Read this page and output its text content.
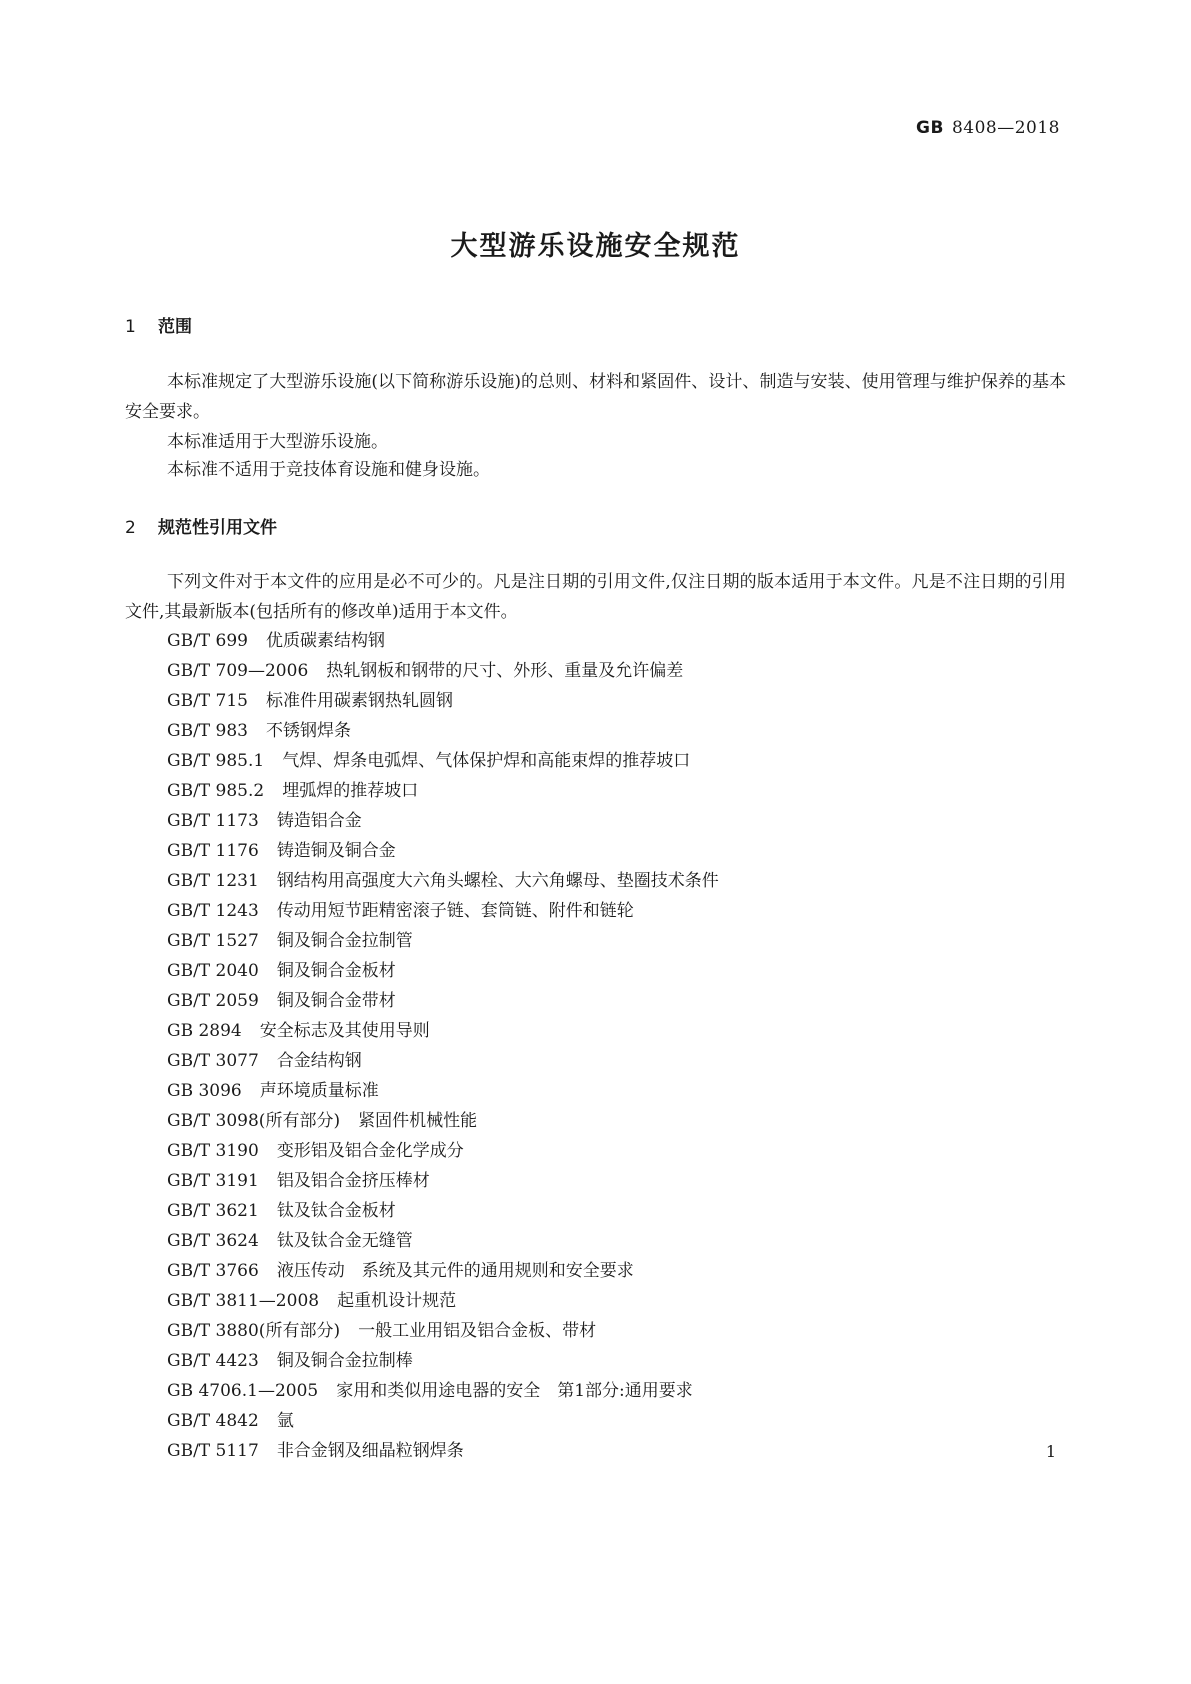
GB 8408—2018
大型游乐设施安全规范
1 范围
本标准规定了大型游乐设施(以下简称游乐设施)的总则、材料和紧固件、设计、制造与安装、使用管理与维护保养的基本安全要求。
本标准适用于大型游乐设施。
本标准不适用于竞技体育设施和健身设施。
2 规范性引用文件
下列文件对于本文件的应用是必不可少的。凡是注日期的引用文件,仅注日期的版本适用于本文件。凡是不注日期的引用文件,其最新版本(包括所有的修改单)适用于本文件。
GB/T 699 优质碳素结构钢
GB/T 709—2006 热轧钢板和钢带的尺寸、外形、重量及允许偏差
GB/T 715 标准件用碳素钢热轧圆钢
GB/T 983 不锈钢焊条
GB/T 985.1 气焊、焊条电弧焊、气体保护焊和高能束焊的推荐坡口
GB/T 985.2 埋弧焊的推荐坡口
GB/T 1173 铸造铝合金
GB/T 1176 铸造铜及铜合金
GB/T 1231 钢结构用高强度大六角头螺栓、大六角螺母、垫圈技术条件
GB/T 1243 传动用短节距精密滚子链、套筒链、附件和链轮
GB/T 1527 铜及铜合金拉制管
GB/T 2040 铜及铜合金板材
GB/T 2059 铜及铜合金带材
GB 2894 安全标志及其使用导则
GB/T 3077 合金结构钢
GB 3096 声环境质量标准
GB/T 3098(所有部分) 紧固件机械性能
GB/T 3190 变形铝及铝合金化学成分
GB/T 3191 铝及铝合金挤压棒材
GB/T 3621 钛及钛合金板材
GB/T 3624 钛及钛合金无缝管
GB/T 3766 液压传动　系统及其元件的通用规则和安全要求
GB/T 3811—2008 起重机设计规范
GB/T 3880(所有部分) 一般工业用铝及铝合金板、带材
GB/T 4423 铜及铜合金拉制棒
GB 4706.1—2005 家用和类似用途电器的安全　第1部分:通用要求
GB/T 4842 氩
GB/T 5117 非合金钢及细晶粒钢焊条	1
